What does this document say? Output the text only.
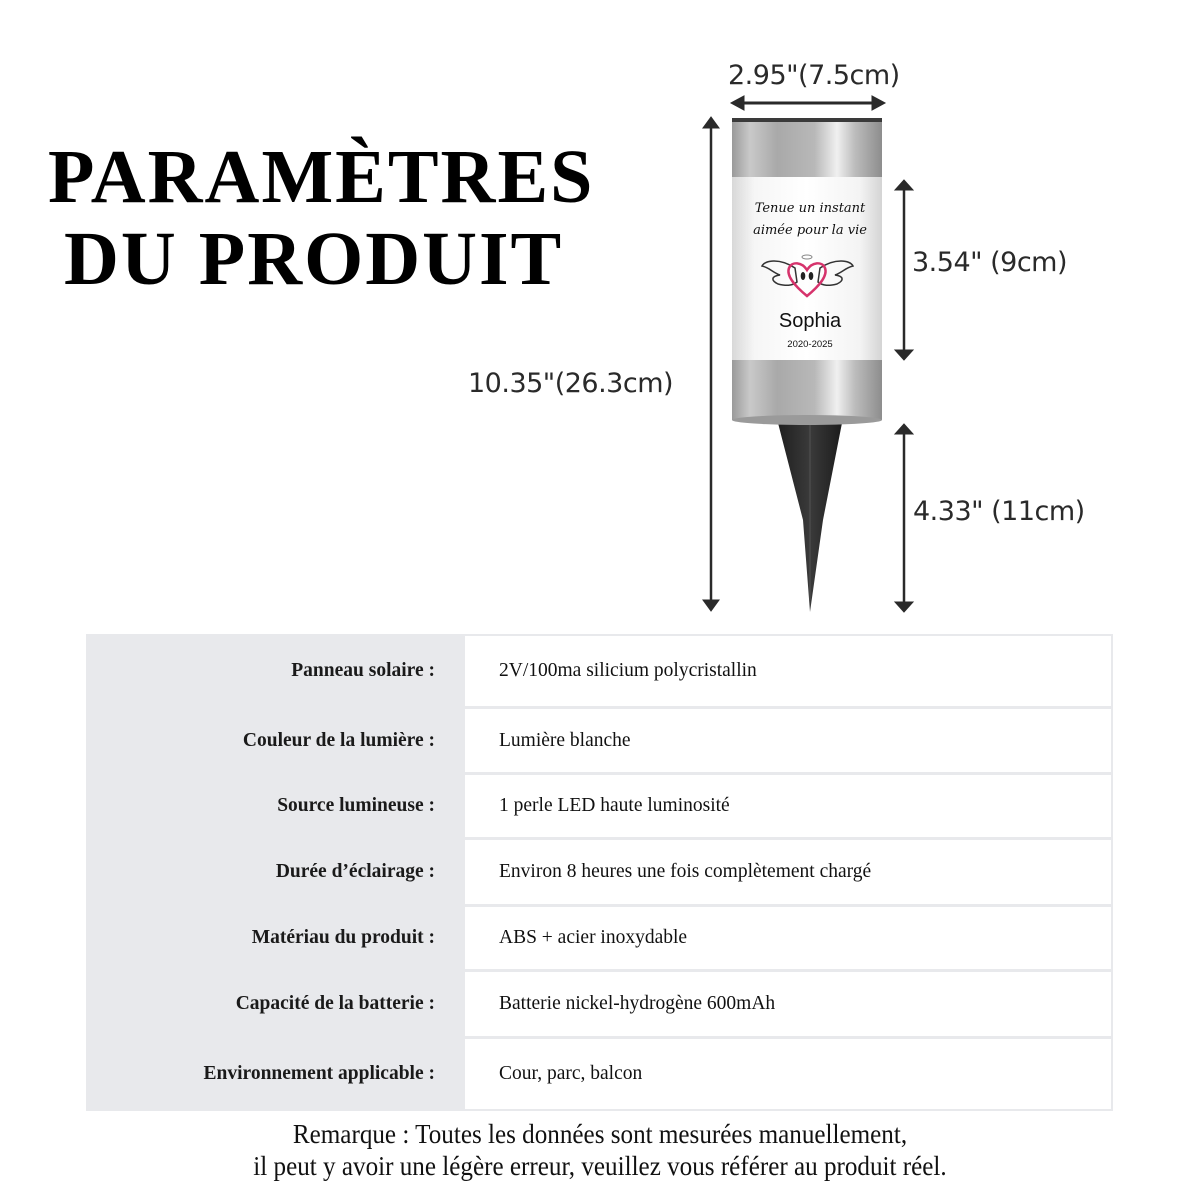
PARAMÈTRES
DU PRODUIT
Tenue un instant
aimée pour la vie
Sophia
2020-2025
2.95"(7.5cm)
10.35"(26.3cm)
3.54" (9cm)
4.33" (11cm)
Panneau solaire :	2V/100ma silicium polycristallin
Couleur de la lumière :	Lumière blanche
Source lumineuse :	1 perle LED haute luminosité
Durée d’éclairage :	Environ 8 heures une fois complètement chargé
Matériau du produit :	ABS + acier inoxydable
Capacité de la batterie :	Batterie nickel-hydrogène 600mAh
Environnement applicable :	Cour, parc, balcon
Remarque : Toutes les données sont mesurées manuellement,
il peut y avoir une légère erreur, veuillez vous référer au produit réel.
